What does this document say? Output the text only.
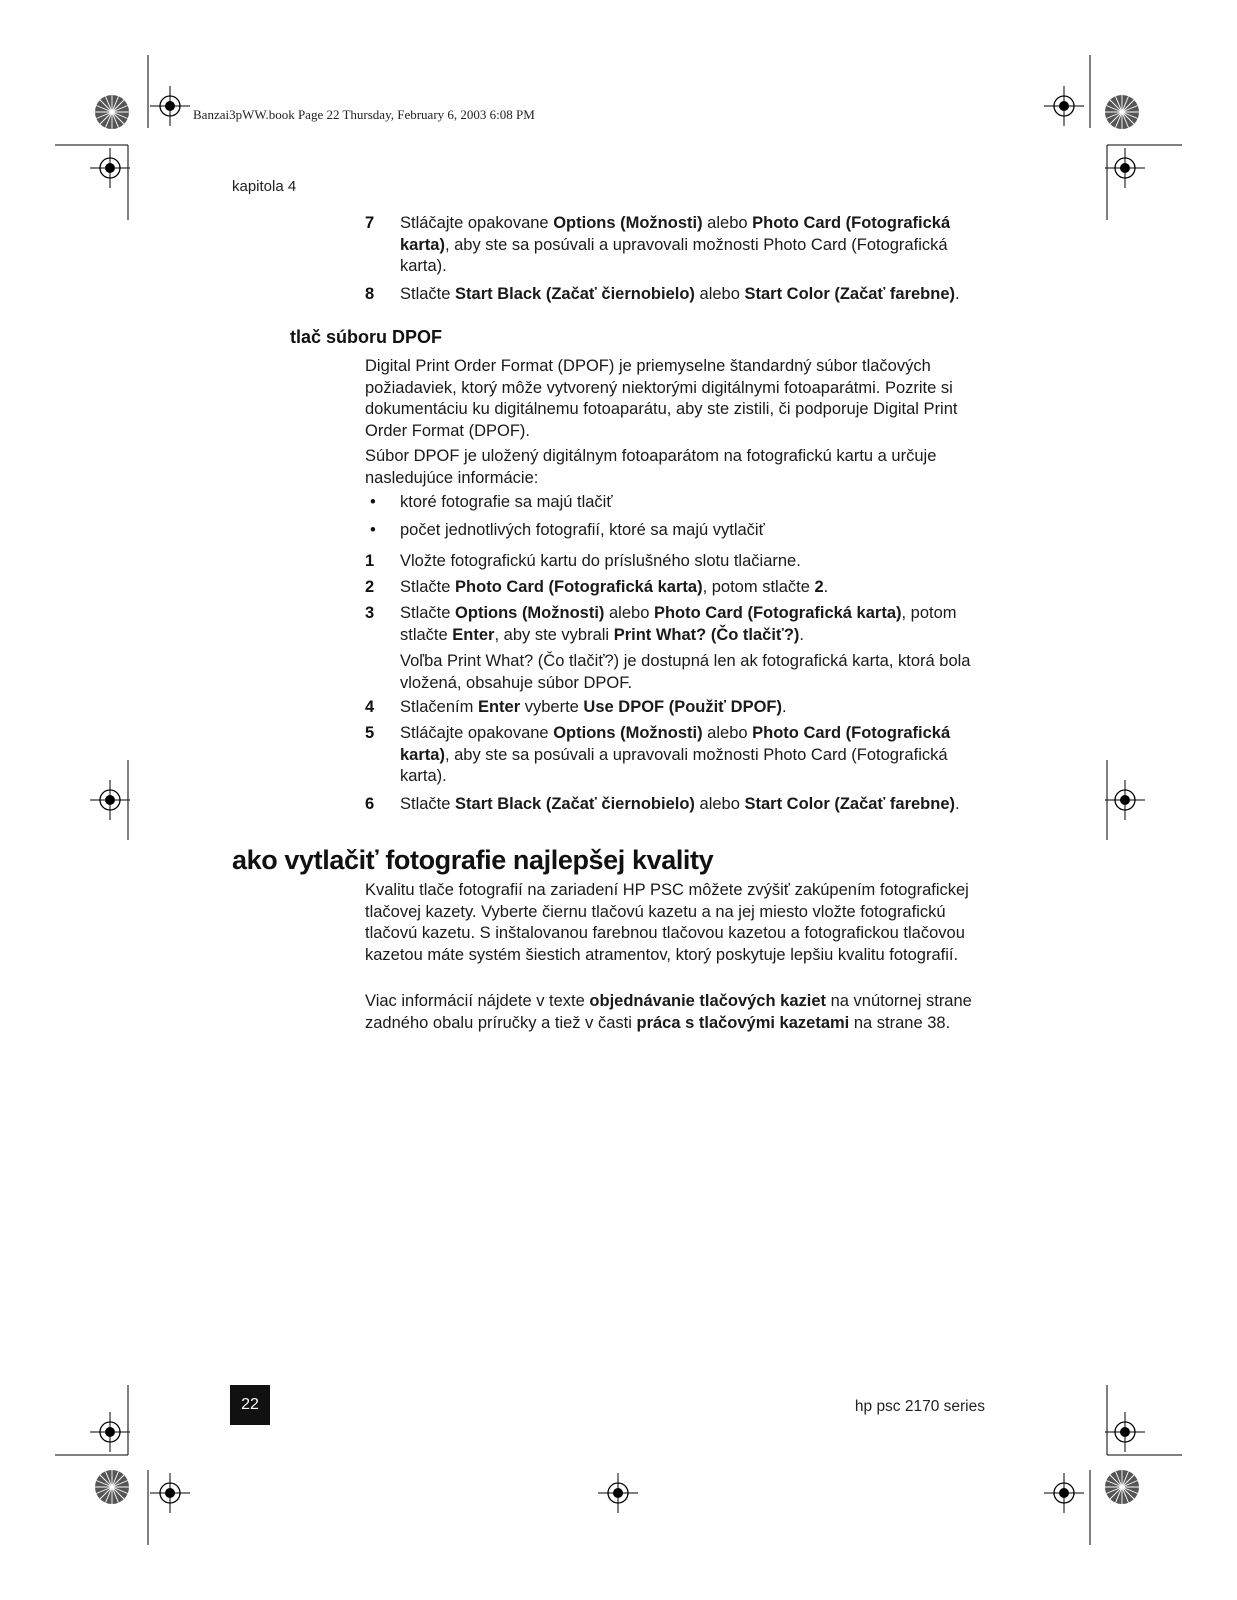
Banzai3pWW.book Page 22 Thursday, February 6, 2003 6:08 PM
kapitola 4
7 Stláčajte opakovane Options (Možnosti) alebo Photo Card (Fotografická karta), aby ste sa posúvali a upravovali možnosti Photo Card (Fotografická karta).
8 Stlačte Start Black (Začať čiernobielo) alebo Start Color (Začať farebne).
tlač súboru DPOF
Digital Print Order Format (DPOF) je priemyselne štandardný súbor tlačových požiadaviek, ktorý môže vytvorený niektorými digitálnymi fotoaparátmi. Pozrite si dokumentáciu ku digitálnemu fotoaparátu, aby ste zistili, či podporuje Digital Print Order Format (DPOF).
Súbor DPOF je uložený digitálnym fotoaparátom na fotografickú kartu a určuje nasledujúce informácie:
• ktoré fotografie sa majú tlačiť
• počet jednotlivých fotografií, ktoré sa majú vytlačiť
1 Vložte fotografickú kartu do príslušného slotu tlačiarne.
2 Stlačte Photo Card (Fotografická karta), potom stlačte 2.
3 Stlačte Options (Možnosti) alebo Photo Card (Fotografická karta), potom stlačte Enter, aby ste vybrali Print What? (Čo tlačiť?).
Voľba Print What? (Čo tlačiť?) je dostupná len ak fotografická karta, ktorá bola vložená, obsahuje súbor DPOF.
4 Stlačením Enter vyberte Use DPOF (Použiť DPOF).
5 Stláčajte opakovane Options (Možnosti) alebo Photo Card (Fotografická karta), aby ste sa posúvali a upravovali možnosti Photo Card (Fotografická karta).
6 Stlačte Start Black (Začať čiernobielo) alebo Start Color (Začať farebne).
ako vytlačiť fotografie najlepšej kvality
Kvalitu tlače fotografií na zariadení HP PSC môžete zvýšiť zakúpením fotografickej tlačovej kazety. Vyberte čiernu tlačovú kazetu a na jej miesto vložte fotografickú tlačovú kazetu. S inštalovanou farebnou tlačovou kazetou a fotografickou tlačovou kazetou máte systém šiestich atramentov, ktorý poskytuje lepšiu kvalitu fotografií.
Viac informácií nájdete v texte objednávanie tlačových kaziet na vnútornej strane zadného obalu príručky a tiež v časti práca s tlačovými kazetami na strane 38.
22	hp psc 2170 series
